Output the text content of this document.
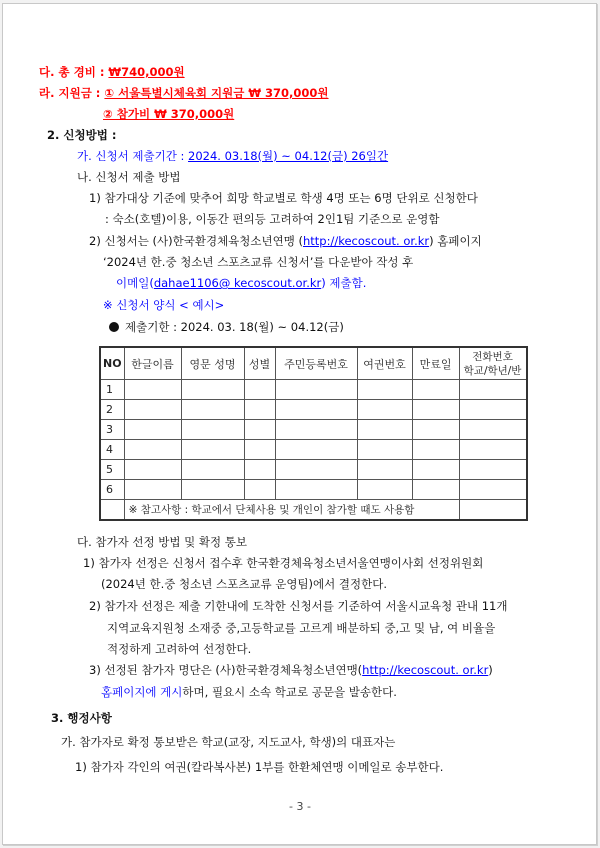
다. 총 경비 : ₩740,000원
라. 지원금 : ① 서울특별시체육회 지원금 ₩ 370,000원
② 참가비 ₩ 370,000원
2. 신청방법 :
가. 신청서 제출기간 : 2024. 03.18(월) ~ 04.12(금) 26일간
나. 신청서 제출 방법
1) 참가대상 기준에 맞추어 희망 학교별로 학생 4명 또는 6명 단위로 신청한다
: 숙소(호텔)이용, 이동간 편의등 고려하여 2인1팀 기준으로 운영함
2) 신청서는 (사)한국환경체육청소년연맹 (http://kecoscout. or.kr) 홈페이지
‘2024년 한.중 청소년 스포츠교류 신청서’를 다운받아 작성 후
이메일(dahae1106@ kecoscout.or.kr) 제출함.
※ 신청서 양식 < 예시>
제출기한 : 2024. 03. 18(월) ~ 04.12(금)
NO	한글이름	영문 성명	성별	주민등록번호	여권번호	만료일	전화번호
학교/학년/반

1							
2							
3							
4							
5							
6							
	※ 참고사항 : 학교에서 단체사용 및 개인이 참가할 때도 사용함						
다. 참가자 선정 방법 및 확정 통보
1) 참가자 선정은 신청서 접수후 한국환경체육청소년서울연맹이사회 선정위원회
(2024년 한.중 청소년 스포츠교류 운영팀)에서 결정한다.
2) 참가자 선정은 제출 기한내에 도착한 신청서를 기준하여 서울시교육청 관내 11개
지역교육지원청 소재중 중,고등학교를 고르게 배분하되 중,고 및 남, 여 비율을
적정하게 고려하여 선정한다.
3) 선정된 참가자 명단은 (사)한국환경체육청소년연맹(http://kecoscout. or.kr)
홈페이지에 게시하며, 필요시 소속 학교로 공문을 발송한다.
3. 행정사항
가. 참가자로 확정 통보받은 학교(교장, 지도교사, 학생)의 대표자는
1) 참가자 각인의 여권(칼라복사본) 1부를 한환체연맹 이메일로 송부한다.
- 3 -
